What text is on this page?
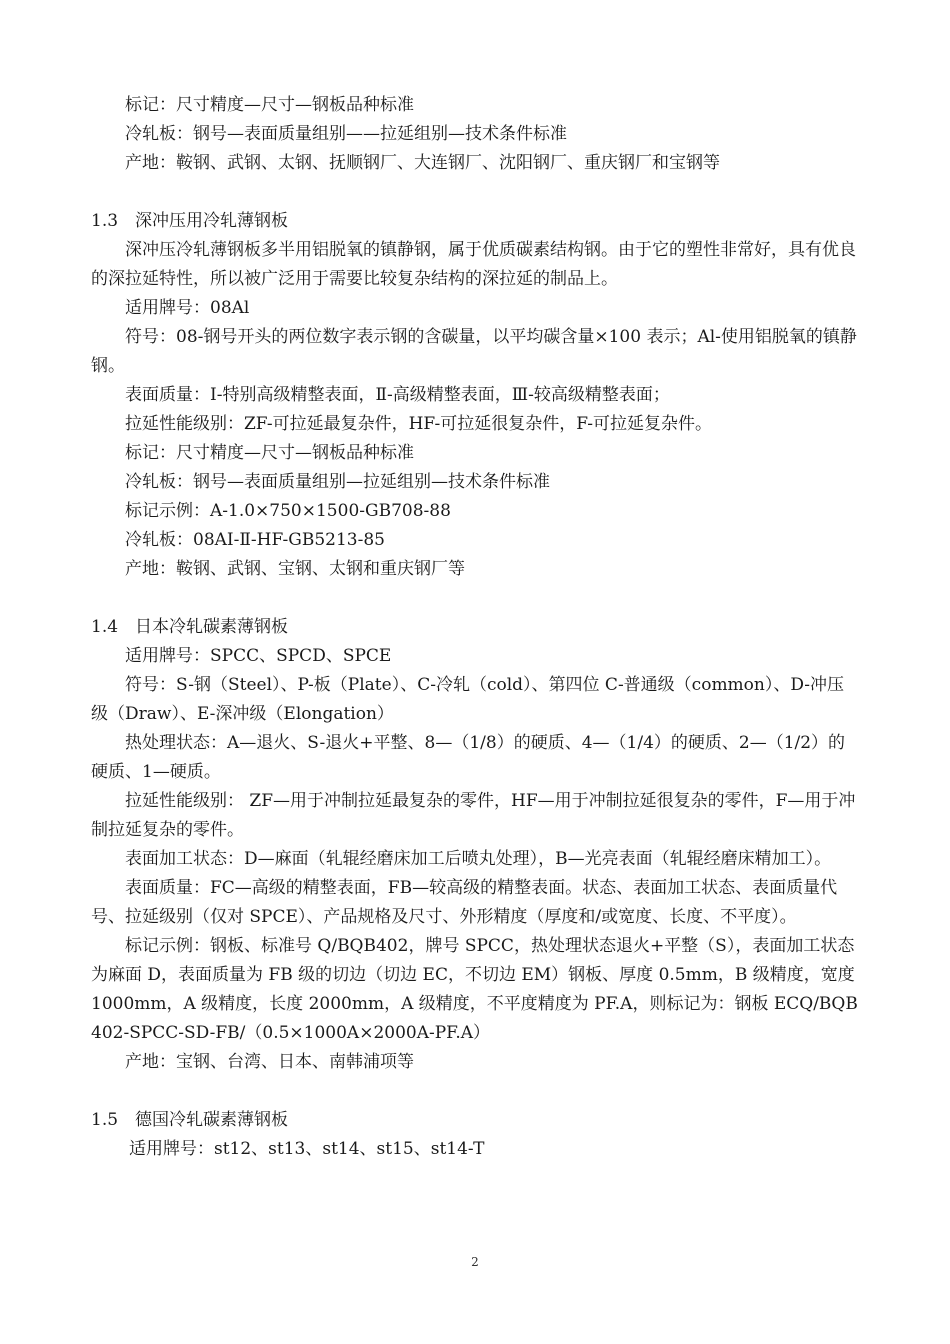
标记：尺寸精度—尺寸—钢板品种标准

冷轧板：钢号—表面质量组别——拉延组别—技术条件标准

产地：鞍钢、武钢、太钢、抚顺钢厂、大连钢厂、沈阳钢厂、重庆钢厂和宝钢等

1.3　深冲压用冷轧薄钢板

深冲压冷轧薄钢板多半用铝脱氧的镇静钢，属于优质碳素结构钢。由于它的塑性非常好，具有优良的深拉延特性，所以被广泛用于需要比较复杂结构的深拉延的制品上。

适用牌号：08Al

符号：08-钢号开头的两位数字表示钢的含碳量，以平均碳含量×100 表示；Al-使用铝脱氧的镇静钢。

表面质量：Ⅰ-特别高级精整表面，Ⅱ-高级精整表面，Ⅲ-较高级精整表面；

拉延性能级别：ZF-可拉延最复杂件，HF-可拉延很复杂件，F-可拉延复杂件。

标记：尺寸精度—尺寸—钢板品种标准

冷轧板：钢号—表面质量组别—拉延组别—技术条件标准

标记示例：A-1.0×750×1500-GB708-88

冷轧板：08AⅠ-Ⅱ-HF-GB5213-85

产地：鞍钢、武钢、宝钢、太钢和重庆钢厂等

1.4　日本冷轧碳素薄钢板

适用牌号：SPCC、SPCD、SPCE

符号：S-钢（Steel）、P-板（Plate）、C-冷轧（cold）、第四位 C-普通级（common）、D-冲压级（Draw）、E-深冲级（Elongation）

热处理状态：A—退火、S-退火+平整、8—（1/8）的硬质、4—（1/4）的硬质、2—（1/2）的硬质、1—硬质。

拉延性能级别： ZF—用于冲制拉延最复杂的零件，HF—用于冲制拉延很复杂的零件，F—用于冲制拉延复杂的零件。

表面加工状态：D—麻面（轧辊经磨床加工后喷丸处理），B—光亮表面（轧辊经磨床精加工）。

表面质量：FC—高级的精整表面，FB—较高级的精整表面。状态、表面加工状态、表面质量代号、拉延级别（仅对 SPCE）、产品规格及尺寸、外形精度（厚度和/或宽度、长度、不平度）。

标记示例：钢板、标准号 Q/BQB402，牌号 SPCC，热处理状态退火+平整（S），表面加工状态为麻面 D，表面质量为 FB 级的切边（切边 EC，不切边 EM）钢板、厚度 0.5mm，B 级精度，宽度 1000mm，A 级精度，长度 2000mm，A 级精度，不平度精度为 PF.A，则标记为：钢板 ECQ/BQB 402-SPCC-SD-FB/（0.5×1000A×2000A-PF.A）

产地：宝钢、台湾、日本、南韩浦项等

1.5　德国冷轧碳素薄钢板

适用牌号：st12、st13、st14、st15、st14-T

2
